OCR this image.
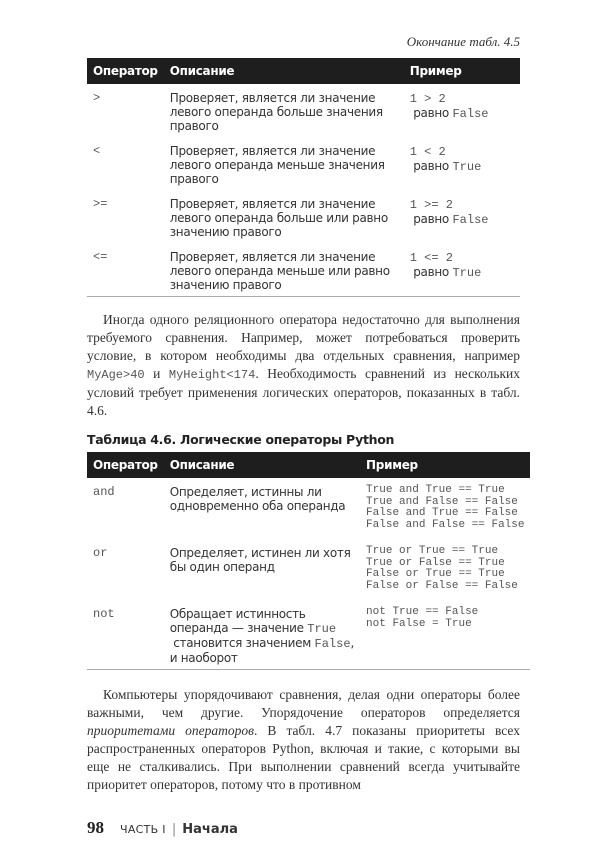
Окончание табл. 4.5
Оператор	Описание	Пример
>	Проверяет, является ли значение левого операнда больше значения правого	1 > 2 равно False
<	Проверяет, является ли значение левого операнда меньше значения правого	1 < 2 равно True
>=	Проверяет, является ли значение левого операнда больше или равно значению правого	1 >= 2 равно False
<=	Проверяет, является ли значение левого операнда меньше или равно значению правого	1 <= 2 равно True

Иногда одного реляционного оператора недостаточно для выполнения требуемого сравнения. Например, может потребоваться проверить условие, в котором необходимы два отдельных сравнения, например MyAge>40 и MyHeight<174. Необходимость сравнений из нескольких условий требует применения логических операторов, показанных в табл. 4.6.

Таблица 4.6. Логические операторы Python
Оператор	Описание	Пример
and	Определяет, истинны ли одновременно оба операнда	True and True == True
True and False == False
False and True == False
False and False == False
or	Определяет, истинен ли хотя бы один операнд	True or True == True
True or False == True
False or True == True
False or False == False
not	Обращает истинность операнда — значение True становится значением False, и наоборот	not True == False
not False = True

Компьютеры упорядочивают сравнения, делая одни операторы более важными, чем другие. Упорядочение операторов определяется приоритетами операторов. В табл. 4.7 показаны приоритеты всех распространенных операторов Python, включая и такие, с которыми вы еще не сталкивались. При выполнении сравнений всегда учитывайте приоритет операторов, потому что в противном

98 ЧАСТЬ I | Начала
